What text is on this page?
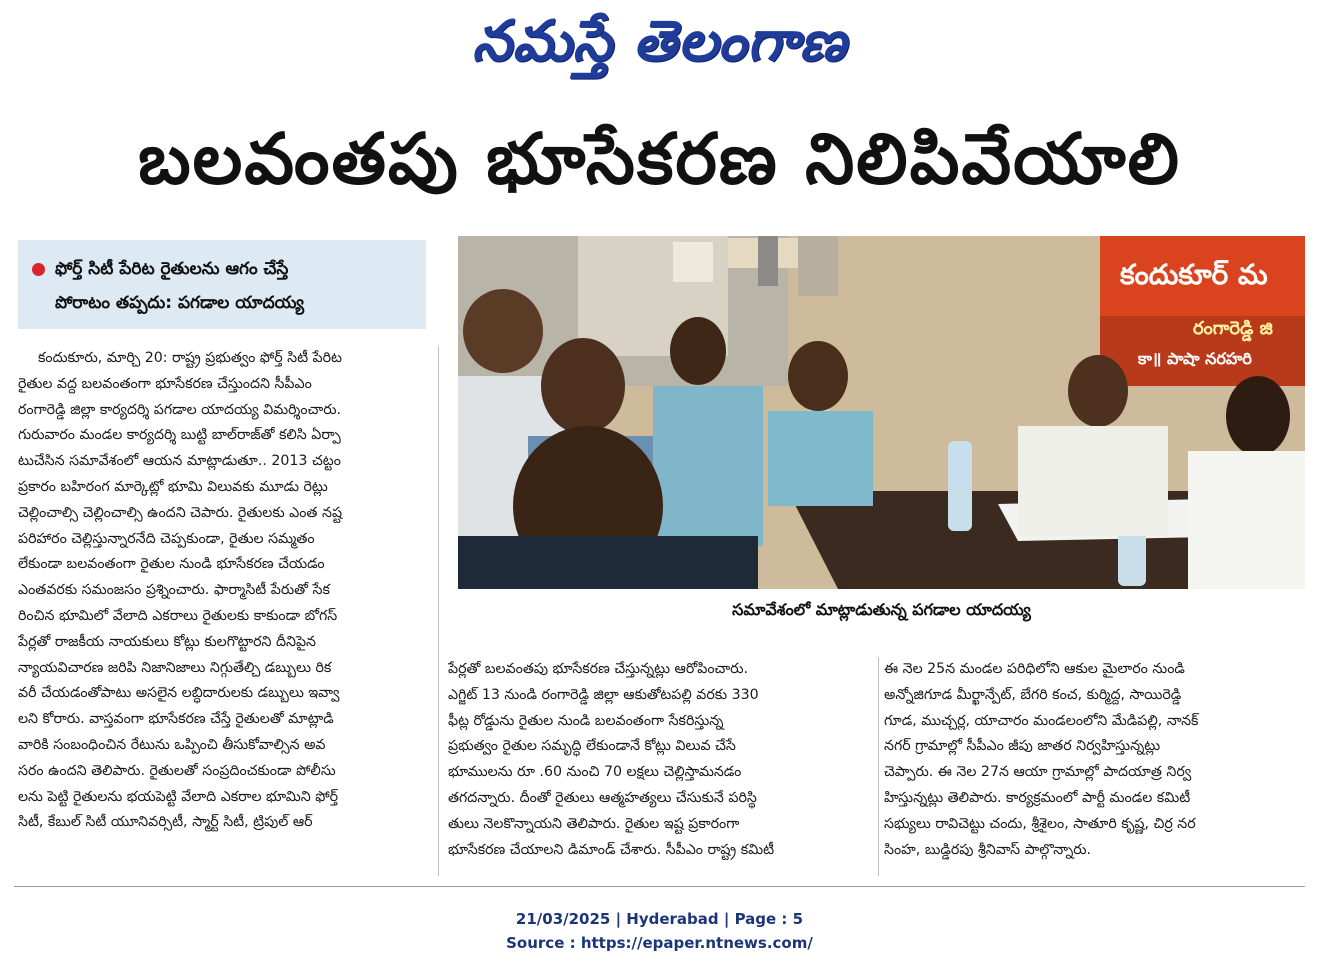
నమస్తే తెలంగాణ
బలవంతపు భూసేకరణ నిలిపివేయాలి
ఫోర్త్ సిటీ పేరిట రైతులను ఆగం చేస్తే
పోరాటం తప్పదు: పగడాల యాదయ్య
కందుకూర్ మ
రంగారెడ్డి జి
కా॥ పాషా నరహరి
సమావేశంలో మాట్లాడుతున్న పగడాల యాదయ్య

కందుకూరు, మార్చి 20: రాష్ట్ర ప్రభుత్వం ఫోర్త్ సిటీ పేరిట

రైతుల వద్ద బలవంతంగా భూసేకరణ చేస్తుందని సీపీఎం

రంగారెడ్డి జిల్లా కార్యదర్శి పగడాల యాదయ్య విమర్శించారు.

గురువారం మండల కార్యదర్శి బుట్టి బాల్‌రాజ్‌తో కలిసి ఏర్పా

టుచేసిన సమావేశంలో ఆయన మాట్లాడుతూ.. 2013 చట్టం

ప్రకారం బహిరంగ మార్కెట్లో భూమి విలువకు మూడు రెట్లు

చెల్లించాల్సి చెల్లించాల్సి ఉందని చెపారు. రైతులకు ఎంత నష్ట

పరిహారం చెల్లిస్తున్నారనేది చెప్పకుండా, రైతుల సమ్మతం

లేకుండా బలవంతంగా రైతుల నుండి భూసేకరణ చేయడం

ఎంతవరకు సమంజసం ప్రశ్నించారు. ఫార్మాసిటీ పేరుతో సేక

రించిన భూమిలో వేలాది ఎకరాలు రైతులకు కాకుండా బోగస్

పేర్లతో రాజకీయ నాయకులు కోట్లు కులగొట్టారని దీనిపైన

న్యాయవిచారణ జరిపి నిజానిజాలు నిగ్గుతేల్చి డబ్బులు రిక

వరీ చేయడంతోపాటు అసలైన లబ్ధిదారులకు డబ్బులు ఇవ్వా

లని కోరారు. వాస్తవంగా భూసేకరణ చేస్తే రైతులతో మాట్లాడి

వారికి సంబంధించిన రేటును ఒప్పించి తీసుకోవాల్సిన అవ

సరం ఉందని తెలిపారు. రైతులతో సంప్రదించకుండా పోలీసు

లను పెట్టి రైతులను భయపెట్టి వేలాది ఎకరాల భూమిని ఫోర్త్

సిటీ, కేబుల్ సిటీ యూనివర్సిటీ, స్మార్ట్ సిటీ, ట్రిపుల్ ఆర్

పేర్లతో బలవంతపు భూసేకరణ చేస్తున్నట్లు ఆరోపించారు.

ఎగ్జిట్ 13 నుండి రంగారెడ్డి జిల్లా ఆకుతోటపల్లి వరకు 330

ఫీట్ల రోడ్డును రైతుల నుండి బలవంతంగా సేకరిస్తున్న

ప్రభుత్వం రైతుల సమృద్ధి లేకుండానే కోట్లు విలువ చేసే

భూములను రూ .60 నుంచి 70 లక్షలు చెల్లిస్తామనడం

తగదన్నారు. దీంతో రైతులు ఆత్మహత్యలు చేసుకునే పరిస్థి

తులు నెలకొన్నాయని తెలిపారు. రైతుల ఇష్ట ప్రకారంగా

భూసేకరణ చేయాలని డిమాండ్ చేశారు. సీపీఎం రాష్ట్ర కమిటీ

ఈ నెల 25న మండల పరిధిలోని ఆకుల మైలారం నుండి

అన్నోజిగూడ మీర్ఖాన్పేట్, బేగరి కంచ, కుర్మిద్ద, సాయిరెడ్డి

గూడ, ముచ్చర్ల, యాచారం మండలంలోని మేడిపల్లి, నానక్

నగర్ గ్రామాల్లో సీపీఎం జీపు జాతర నిర్వహిస్తున్నట్లు

చెప్పారు. ఈ నెల 27న ఆయా గ్రామాల్లో పాదయాత్ర నిర్వ

హిస్తున్నట్లు తెలిపారు. కార్యక్రమంలో పార్టీ మండల కమిటీ

సభ్యులు రావిచెట్టు చందు, శ్రీశైలం, సాతూరి కృష్ణ, చిర్ర నర

సింహ, బుడ్డిరపు శ్రీనివాస్ పాల్గొన్నారు.

21/03/2025 | Hyderabad | Page : 5
Source : https://epaper.ntnews.com/
